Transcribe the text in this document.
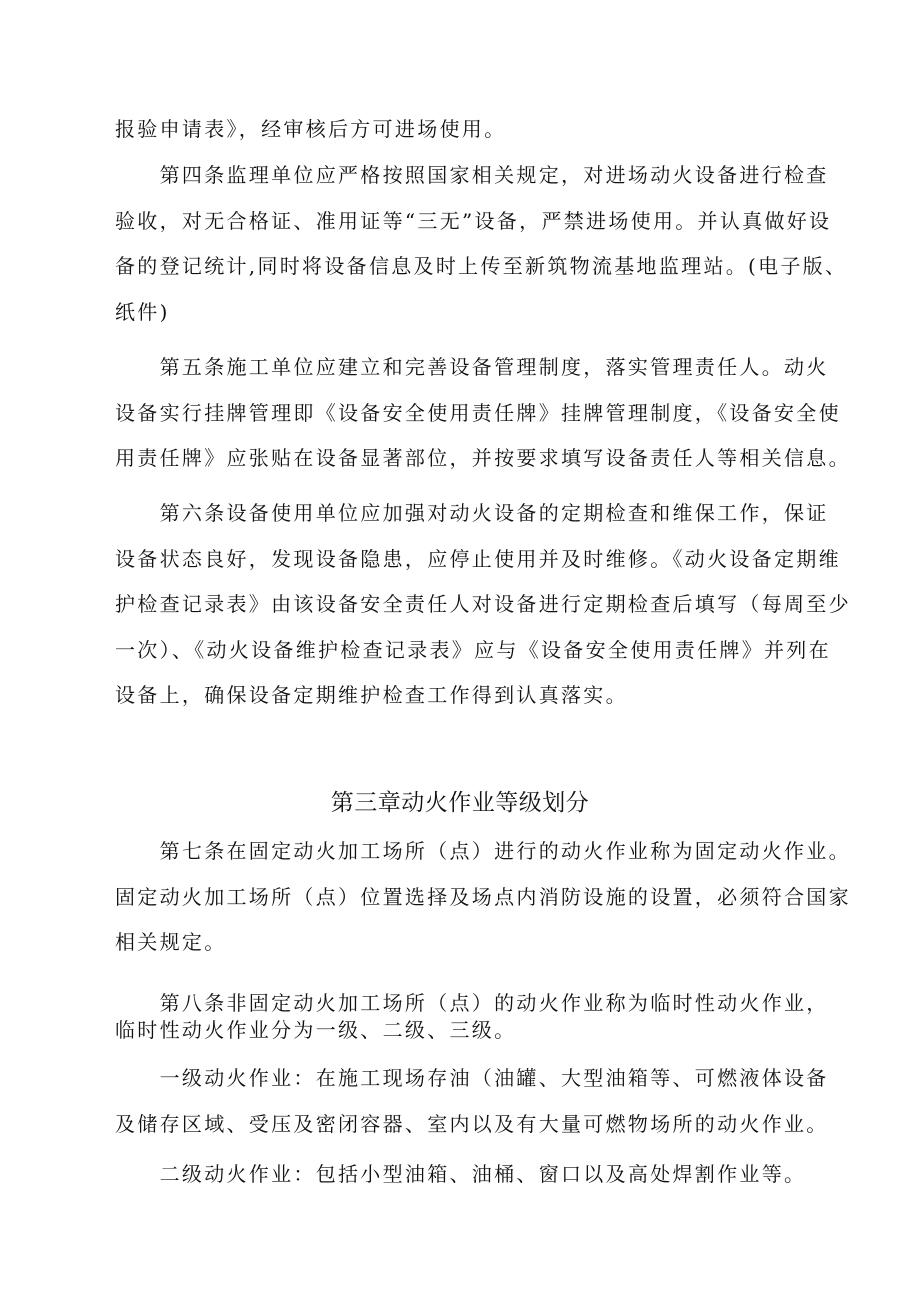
报验申请表》，经审核后方可进场使用。
　　第四条监理单位应严格按照国家相关规定，对进场动火设备进行检查
验收，对无合格证、准用证等“三无”设备，严禁进场使用。并认真做好设
备的登记统计,同时将设备信息及时上传至新筑物流基地监理站。(电子版、
纸件)
　　第五条施工单位应建立和完善设备管理制度，落实管理责任人。动火
设备实行挂牌管理即《设备安全使用责任牌》挂牌管理制度，《设备安全使
用责任牌》应张贴在设备显著部位，并按要求填写设备责任人等相关信息。
　　第六条设备使用单位应加强对动火设备的定期检查和维保工作，保证
设备状态良好，发现设备隐患，应停止使用并及时维修。《动火设备定期维
护检查记录表》由该设备安全责任人对设备进行定期检查后填写（每周至少
一次）、《动火设备维护检查记录表》应与《设备安全使用责任牌》并列在
设备上，确保设备定期维护检查工作得到认真落实。
第三章动火作业等级划分
　　第七条在固定动火加工场所（点）进行的动火作业称为固定动火作业。
固定动火加工场所（点）位置选择及场点内消防设施的设置，必须符合国家
相关规定。
　　第八条非固定动火加工场所（点）的动火作业称为临时性动火作业，
临时性动火作业分为一级、二级、三级。
　　一级动火作业：在施工现场存油（油罐、大型油箱等、可燃液体设备
及储存区域、受压及密闭容器、室内以及有大量可燃物场所的动火作业。
　　二级动火作业：包括小型油箱、油桶、窗口以及高处焊割作业等。
